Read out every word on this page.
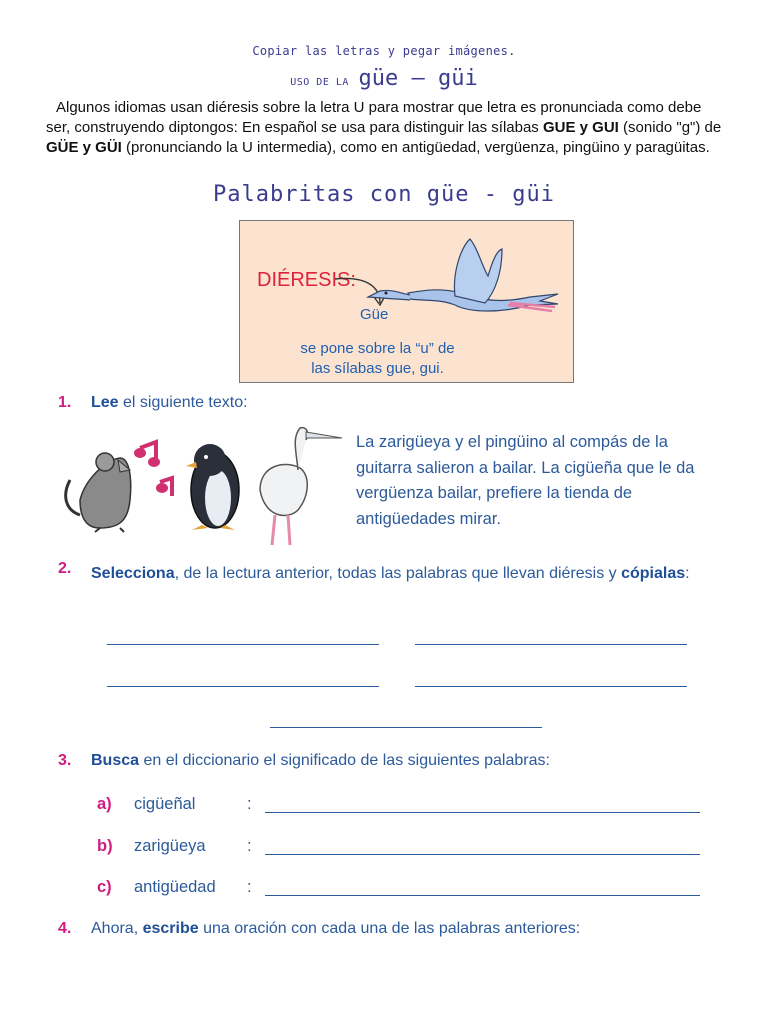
Copiar las letras y pegar imágenes.
USO DE LA güe – güi
Algunos idiomas usan diéresis sobre la letra U para mostrar que letra es pronunciada como debe ser, construyendo diptongos: En español se usa para distinguir las sílabas GUE y GUI (sonido "g") de GÜE y GÜI (pronunciando la U intermedia), como en antigüedad, vergüenza, pingüino y paragüitas.
Palabritas con güe - güi
DIÉRESIS:
Güe
se pone sobre la “u” de
las sílabas gue, gui.
1. Lee el siguiente texto:
La zarigüeya y el pingüino al compás de la guitarra salieron a bailar. La cigüeña que le da vergüenza bailar, prefiere la tienda de antigüedades mirar.
2. Selecciona, de la lectura anterior, todas las palabras que llevan diéresis y cópialas:
3. Busca en el diccionario el significado de las siguientes palabras:
a) cigüeñal	:
b) zarigüeya	:
c) antigüedad :
4. Ahora, escribe una oración con cada una de las palabras anteriores:
